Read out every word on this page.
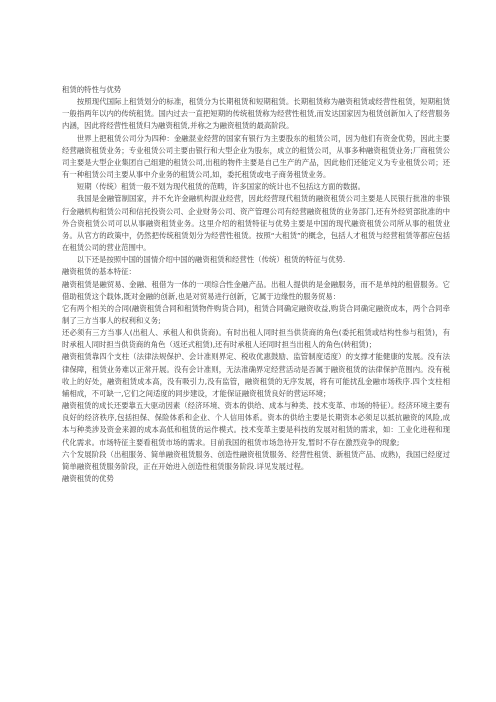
租赁的特性与优势

按照现代国际上租赁划分的标准，租赁分为长期租赁和短期租赁。长期租赁称为融资租赁或经营性租赁，短期租赁一般指两年以内的传统租赁。国内过去一直把短期的传统租赁称为经营性租赁,而发达国家因为租赁创新加入了经营服务内涵，因此将经营性租赁归为融资租赁,并称之为融资租赁的最高阶段。

世界上把租赁公司分为四种：金融混业经营的国家有银行为主要股东的租赁公司，因为他们有资金优势，因此主要经营融资租赁业务；专业租赁公司主要由银行和大型企业为股东，成立的租赁公司，从事多种融资租赁业务;厂商租赁公司主要是大型企业集团自己组建的租赁公司,出租的物件主要是自己生产的产品，因此他们还能定义为专业租赁公司；还有一种租赁公司主要从事中介业务的租赁公司,如，委托租赁或电子商务租赁业务。

短期（传统）租赁一般不划为现代租赁的范畴，许多国家的统计也不包括这方面的数据。

我国是金融管制国家，并不允许金融机构混业经营，因此经营现代租赁的融资租赁公司主要是人民银行批准的非银行金融机构租赁公司和信托投资公司、企业财务公司、资产管理公司有经营融资租赁的业务部门,还有外经贸部批准的中外合资租赁公司可以从事融资租赁业务。这里介绍的租赁特征与优势主要是中国的现代融资租赁公司所从事的租赁业务。从官方的政策中，仍然把传统租赁划分为经营性租赁。按照“大租赁”的概念，包括人才租赁与经营租赁等都应包括在租赁公司的营业范围中。

以下还是按照中国的国情介绍中国的融资租赁和经营性（传统）租赁的特征与优势.

融资租赁的基本特征：

融资租赁是融贸易、金融、租借为一体的一项综合性金融产品。出租人提供的是金融服务，而不是单纯的租借服务。它借助租赁这个载体,既对金融的创新,也是对贸易进行创新，它属于边缘性的服务贸易：

它有两个相关的合同(融资租赁合同和租赁物件购货合同)，租赁合同确定融资收益,购货合同确定融资成本，两个合同牵制了三方当事人的权利和义务;

还必须有三方当事人(出租人、承租人和供货商)。有时出租人同时担当供货商的角色(委托租赁或结构性参与租赁)，有时承租人同时担当供货商的角色（返还式租赁),还有时承租人还同时担当出租人的角色(转租赁)；

融资租赁靠四个支柱（法律法规保护、会计准则界定、税收优惠鼓励、监管制度适度）的支撑才能健康的发展。没有法律保障，租赁业务难以正常开展。没有会计准则，无法准确界定经营活动是否属于融资租赁的法律保护范围内。没有税收上的好处，融资租赁成本高，没有吸引力,没有监管，融资租赁的无序发展，将有可能扰乱金融市场秩序.四个支柱相辅相成，不可缺一,它们之间适度的同步建设，才能保证融资租赁良好的营运环境；

融资租赁的成长还要靠五大驱动因素（经济环境、资本的供给、成本与种类、技术变革、市场的特征）。经济环境主要有良好的经济秩序,包括担保、保险体系和企业、个人信用体系。资本的供给主要是长期资本必须足以抵抗融资的风险,成本与种类涉及资金来源的成本高低和租赁的运作模式。技术变革主要是科技的发展对租赁的需求，如：工业化进程和现代化需求。市场特征主要看租赁市场的需求。目前我国的租赁市场急待开发,暂时不存在激烈竞争的现象;

六个发展阶段（出租服务、简单融资租赁服务、创造性融资租赁服务、经营性租赁、新租赁产品、成熟)，我国已经度过简单融资租赁服务阶段，正在开始进入创造性租赁服务阶段.详见发展过程。

融资租赁的优势
